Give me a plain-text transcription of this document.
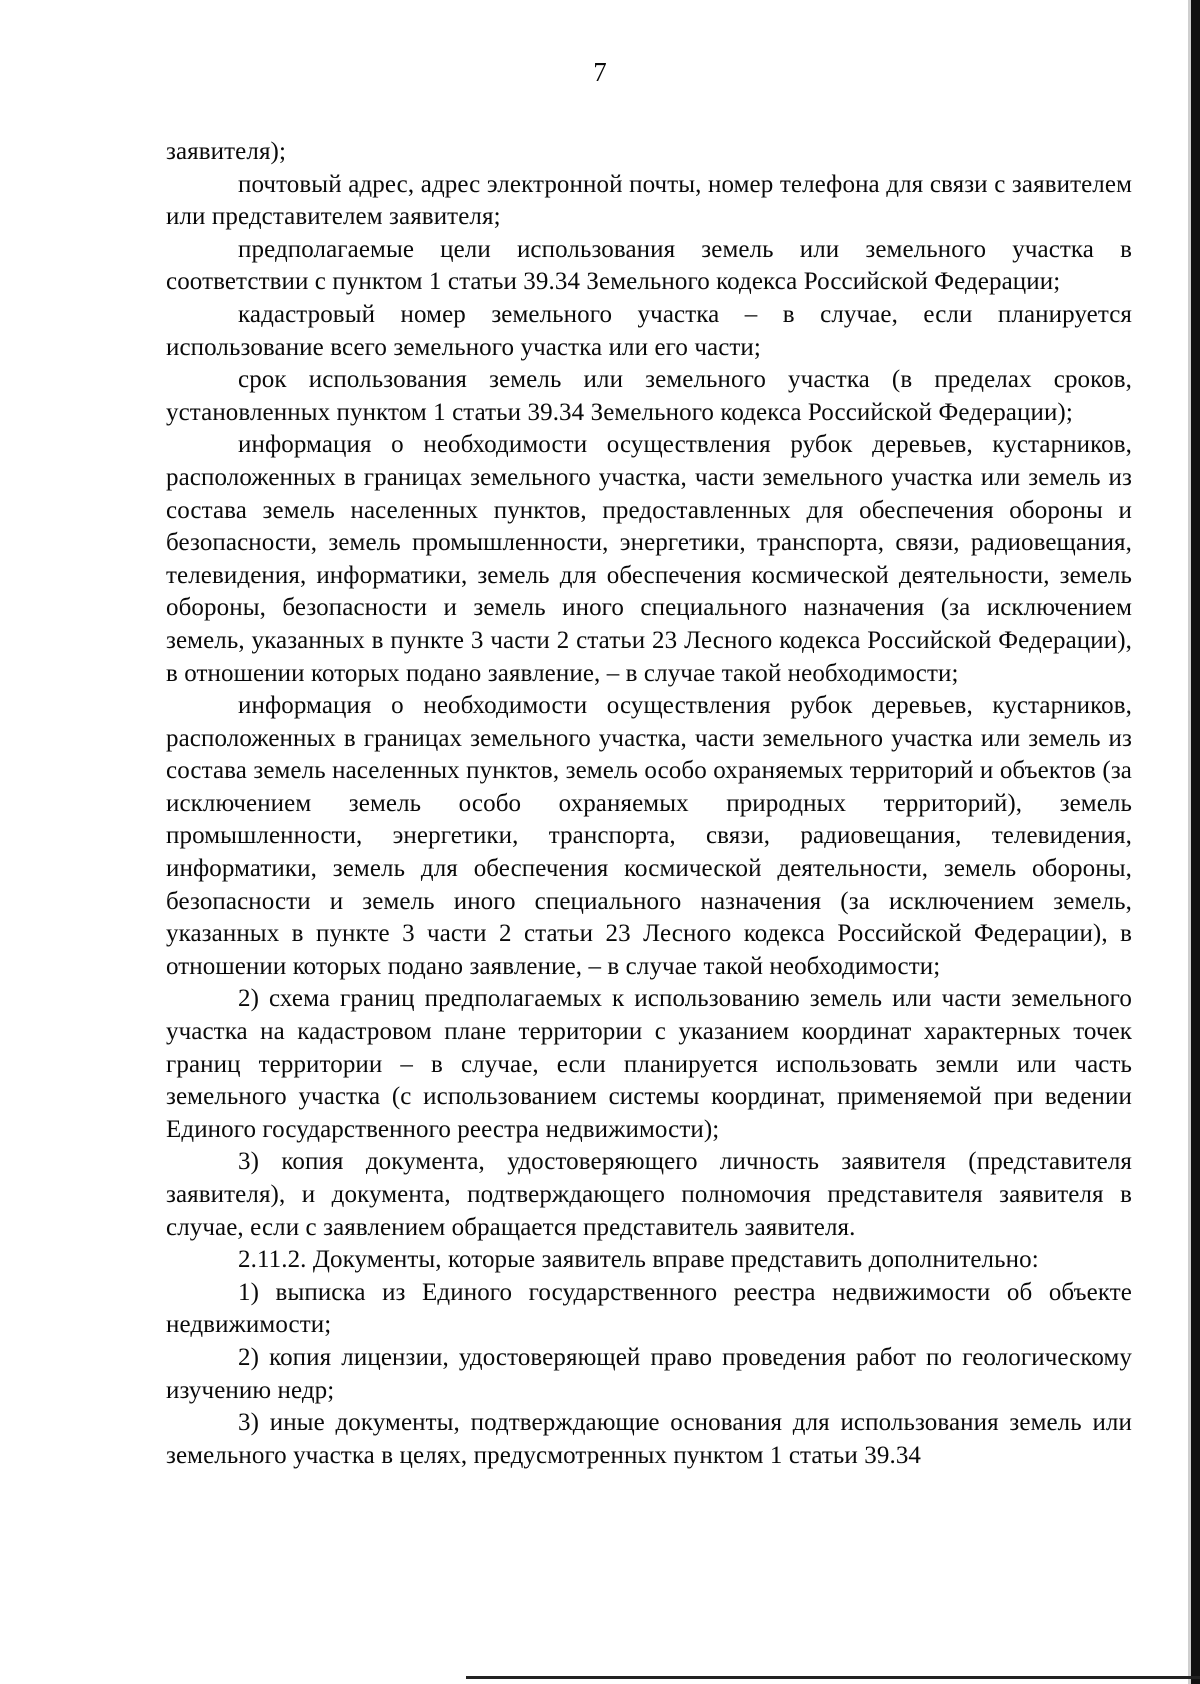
7

заявителя);

почтовый адрес, адрес электронной почты, номер телефона для связи с заявителем или представителем заявителя;

предполагаемые цели использования земель или земельного участка в соответствии с пунктом 1 статьи 39.34 Земельного кодекса Российской Федерации;

кадастровый номер земельного участка – в случае, если планируется использование всего земельного участка или его части;

срок использования земель или земельного участка (в пределах сроков, установленных пунктом 1 статьи 39.34 Земельного кодекса Российской Федерации);

информация о необходимости осуществления рубок деревьев, кустарников, расположенных в границах земельного участка, части земельного участка или земель из состава земель населенных пунктов, предоставленных для обеспечения обороны и безопасности, земель промышленности, энергетики, транспорта, связи, радиовещания, телевидения, информатики, земель для обеспечения космической деятельности, земель обороны, безопасности и земель иного специального назначения (за исключением земель, указанных в пункте 3 части 2 статьи 23 Лесного кодекса Российской Федерации), в отношении которых подано заявление, – в случае такой необходимости;

информация о необходимости осуществления рубок деревьев, кустарников, расположенных в границах земельного участка, части земельного участка или земель из состава земель населенных пунктов, земель особо охраняемых территорий и объектов (за исключением земель особо охраняемых природных территорий), земель промышленности, энергетики, транспорта, связи, радиовещания, телевидения, информатики, земель для обеспечения космической деятельности, земель обороны, безопасности и земель иного специального назначения (за исключением земель, указанных в пункте 3 части 2 статьи 23 Лесного кодекса Российской Федерации), в отношении которых подано заявление, – в случае такой необходимости;

2) схема границ предполагаемых к использованию земель или части земельного участка на кадастровом плане территории с указанием координат характерных точек границ территории – в случае, если планируется использовать земли или часть земельного участка (с использованием системы координат, применяемой при ведении Единого государственного реестра недвижимости);

3) копия документа, удостоверяющего личность заявителя (представителя заявителя), и документа, подтверждающего полномочия представителя заявителя в случае, если с заявлением обращается представитель заявителя.

2.11.2. Документы, которые заявитель вправе представить дополнительно:

1) выписка из Единого государственного реестра недвижимости об объекте недвижимости;

2) копия лицензии, удостоверяющей право проведения работ по геологическому изучению недр;

3) иные документы, подтверждающие основания для использования земель или земельного участка в целях, предусмотренных пунктом 1 статьи 39.34
